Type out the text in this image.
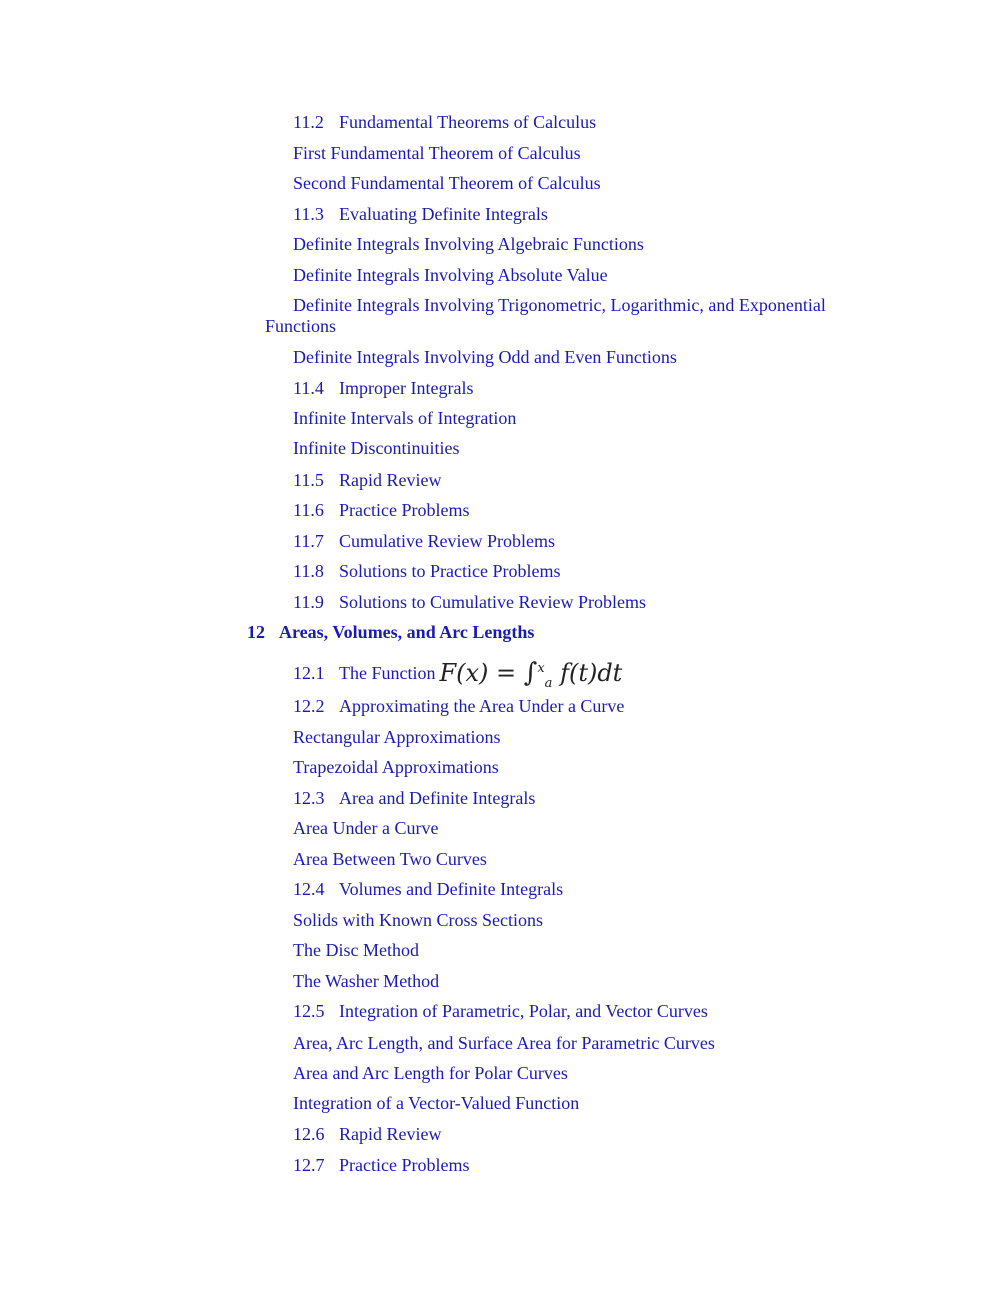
11.2 Fundamental Theorems of Calculus
First Fundamental Theorem of Calculus
Second Fundamental Theorem of Calculus
11.3 Evaluating Definite Integrals
Definite Integrals Involving Algebraic Functions
Definite Integrals Involving Absolute Value
Definite Integrals Involving Trigonometric, Logarithmic, and Exponential
Functions
Definite Integrals Involving Odd and Even Functions
11.4 Improper Integrals
Infinite Intervals of Integration
Infinite Discontinuities
11.5 Rapid Review
11.6 Practice Problems
11.7 Cumulative Review Problems
11.8 Solutions to Practice Problems
11.9 Solutions to Cumulative Review Problems
12 Areas, Volumes, and Arc Lengths
12.1 The Function F(x) = ∫$^x_a$ f(t)dt
12.2 Approximating the Area Under a Curve
Rectangular Approximations
Trapezoidal Approximations
12.3 Area and Definite Integrals
Area Under a Curve
Area Between Two Curves
12.4 Volumes and Definite Integrals
Solids with Known Cross Sections
The Disc Method
The Washer Method
12.5 Integration of Parametric, Polar, and Vector Curves
Area, Arc Length, and Surface Area for Parametric Curves
Area and Arc Length for Polar Curves
Integration of a Vector-Valued Function
12.6 Rapid Review
12.7 Practice Problems
